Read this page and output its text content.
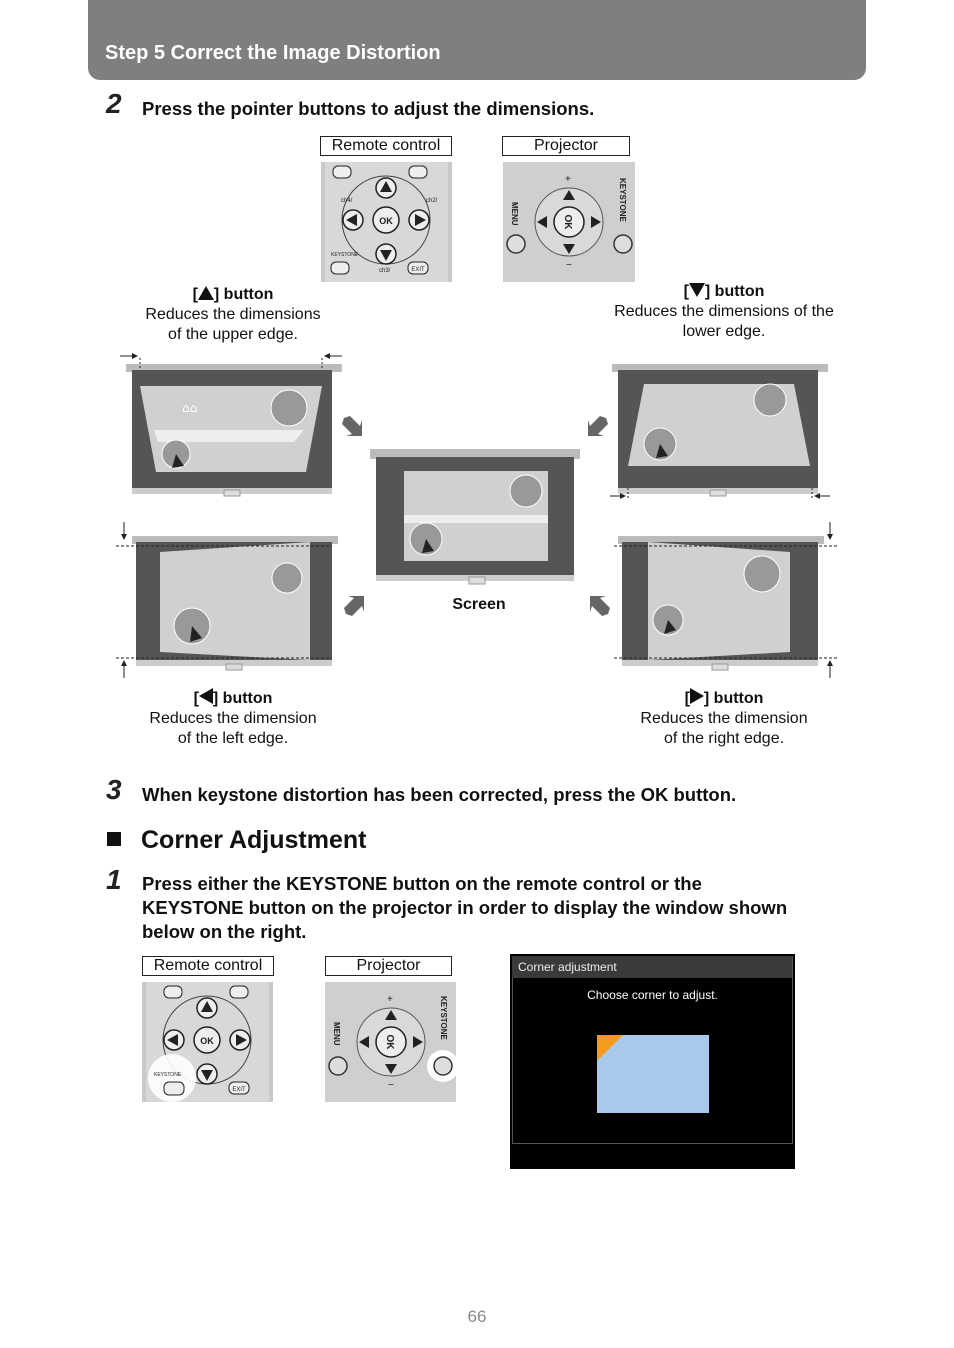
Step 5 Correct the Image Distortion
2 Press the pointer buttons to adjust the dimensions.
Remote control	Projector
OK
ch4/	ch2/
KEYSTONE
EXIT
ch3/
OK
MENU	KEYSTONE
+
−
[ ] button
Reduces the dimensions
of the upper edge.
[ ] button
Reduces the dimensions of the
lower edge.
[ ] button
Reduces the dimension
of the left edge.
[ ] button
Reduces the dimension
of the right edge.
⌂⌂
Screen
3 When keystone distortion has been corrected, press the OK button.
Corner Adjustment
1 Press either the KEYSTONE button on the remote control or the
KEYSTONE button on the projector in order to display the window shown
below on the right.
Remote control	Projector
OK
KEYSTONE
EXIT
OK
MENU	KEYSTONE
+
−
Corner adjustment
Choose corner to adjust.
66
